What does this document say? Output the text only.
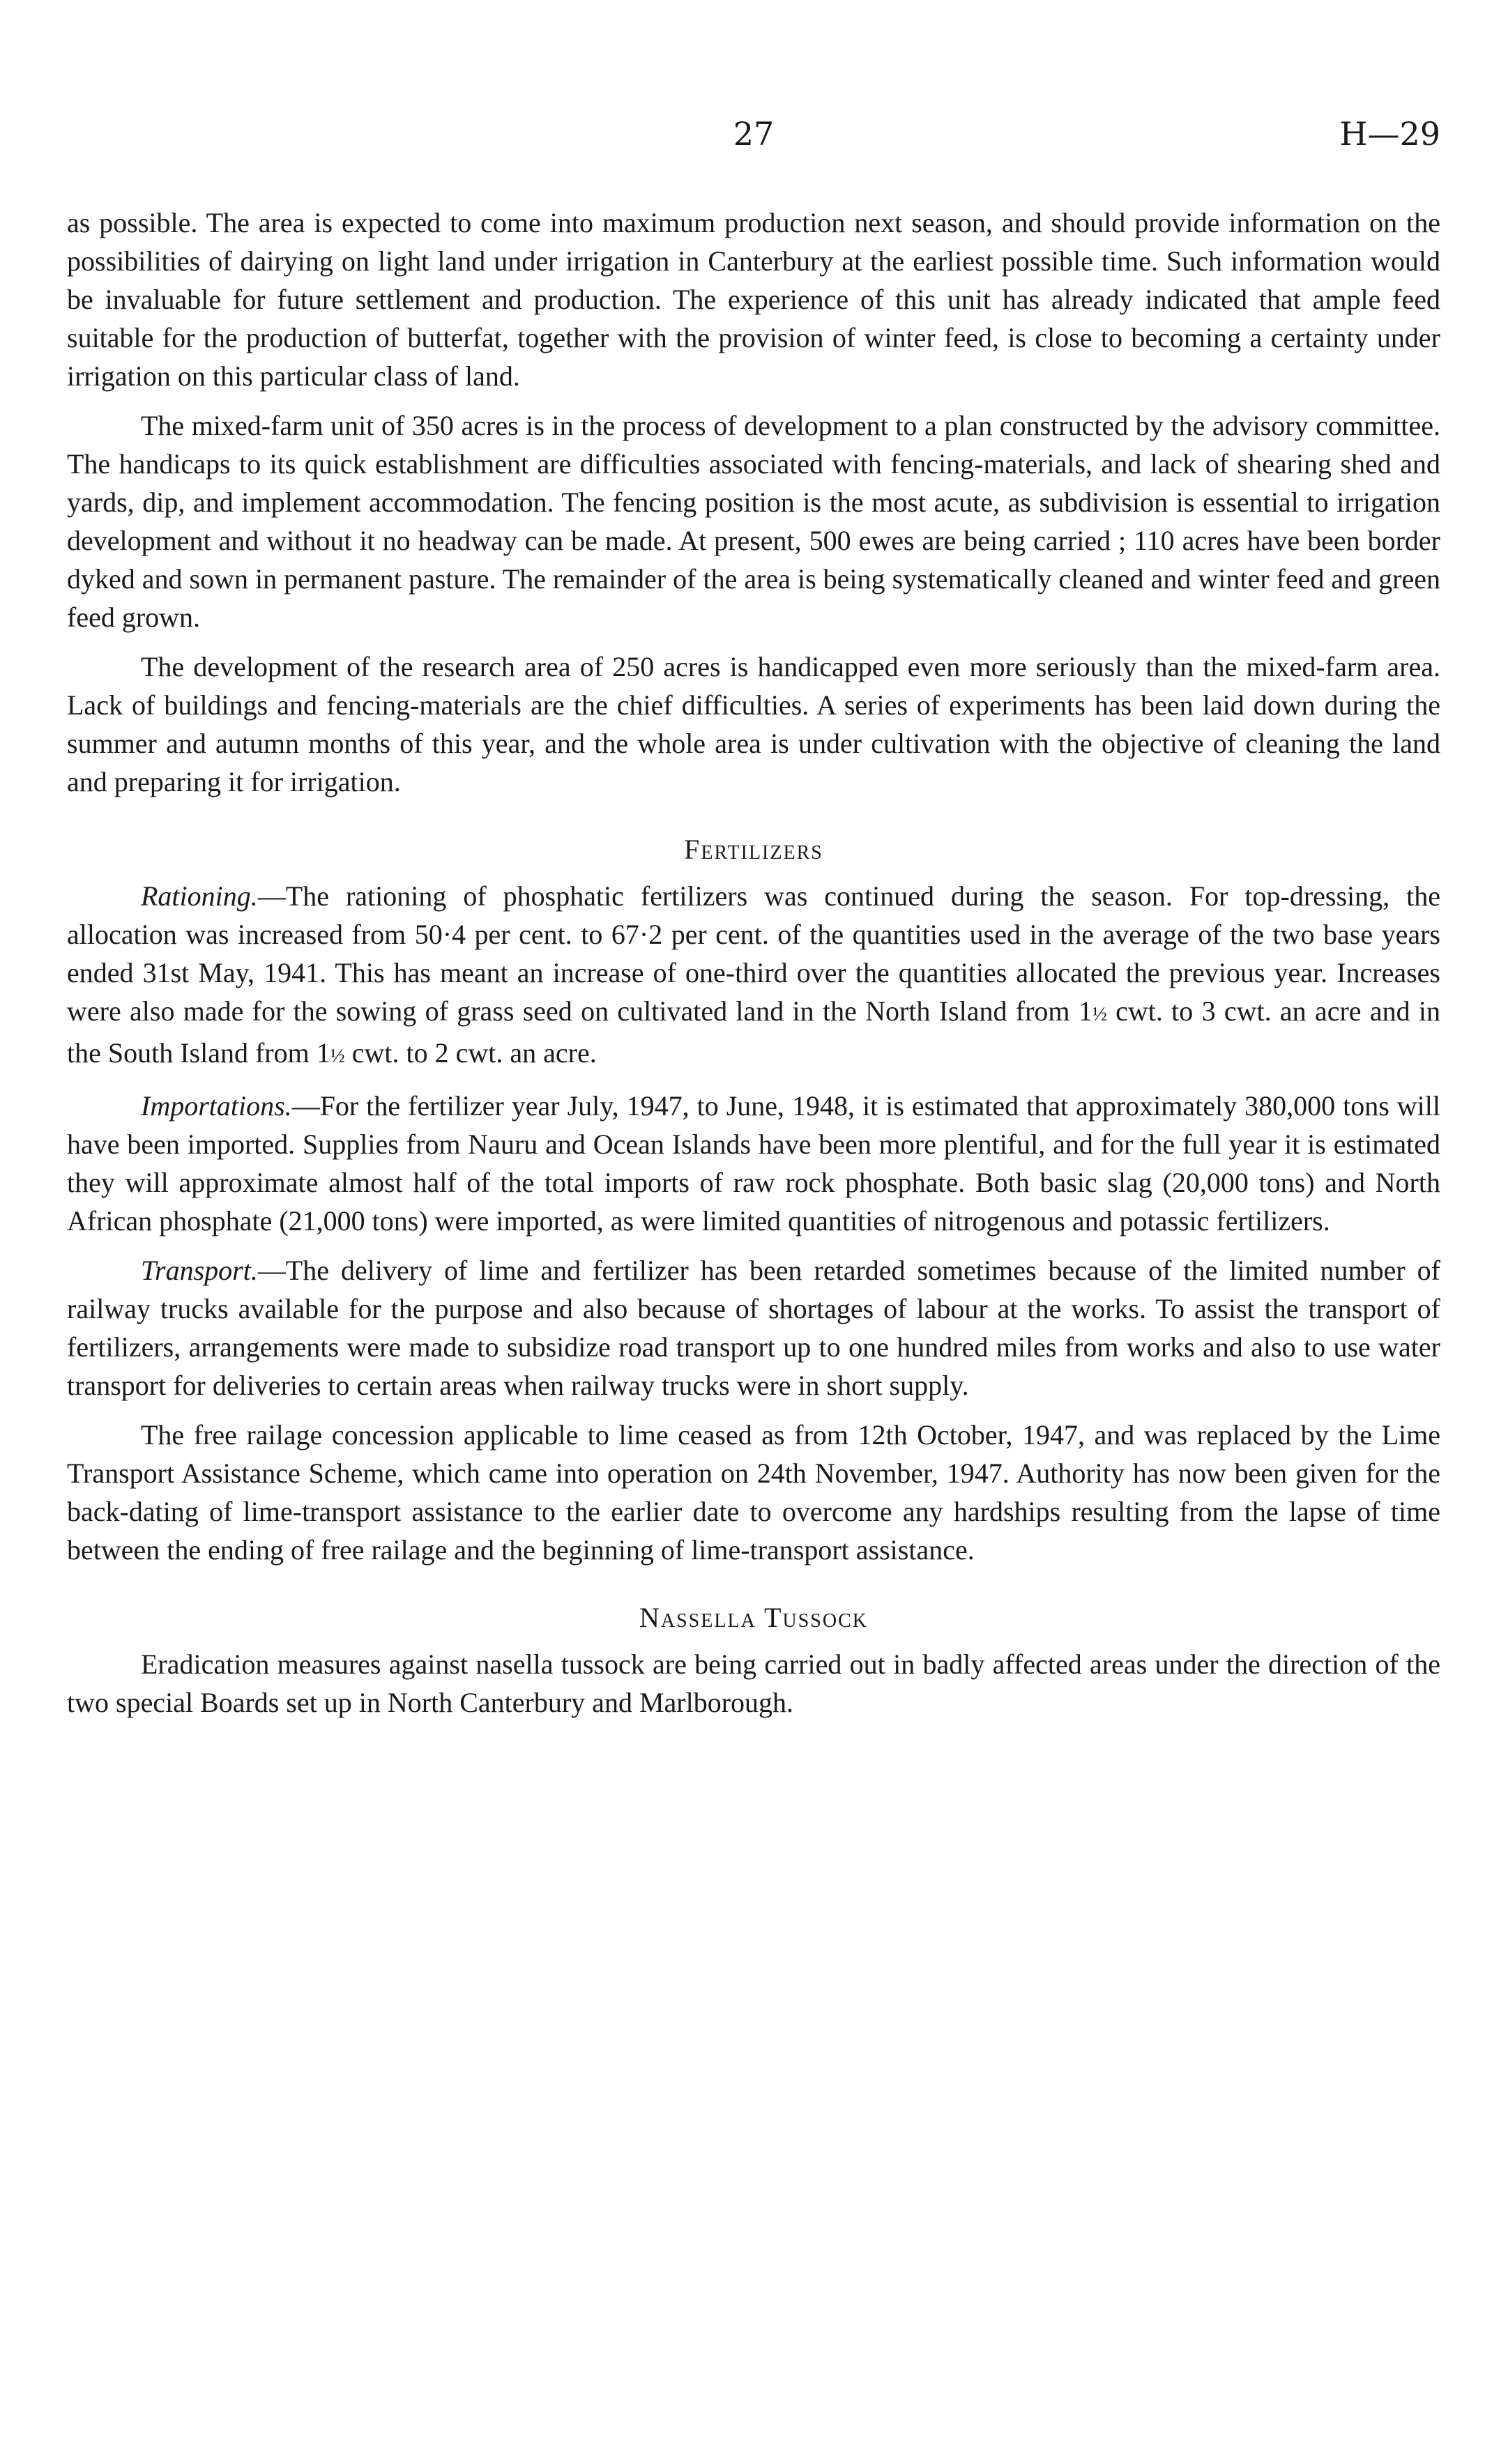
27	H—29

as possible. The area is expected to come into maximum production next season, and should provide information on the possibilities of dairying on light land under irrigation in Canterbury at the earliest possible time. Such information would be invaluable for future settlement and production. The experience of this unit has already indicated that ample feed suitable for the production of butterfat, together with the provision of winter feed, is close to becoming a certainty under irrigation on this particular class of land.

The mixed-farm unit of 350 acres is in the process of development to a plan constructed by the advisory committee. The handicaps to its quick establishment are difficulties associated with fencing-materials, and lack of shearing shed and yards, dip, and implement accommodation. The fencing position is the most acute, as subdivision is essential to irrigation development and without it no headway can be made. At present, 500 ewes are being carried ; 110 acres have been border dyked and sown in permanent pasture. The remainder of the area is being systematically cleaned and winter feed and green feed grown.

The development of the research area of 250 acres is handicapped even more seriously than the mixed-farm area. Lack of buildings and fencing-materials are the chief difficulties. A series of experiments has been laid down during the summer and autumn months of this year, and the whole area is under cultivation with the objective of cleaning the land and preparing it for irrigation.

Fertilizers

Rationing.—The rationing of phosphatic fertilizers was continued during the season. For top-dressing, the allocation was increased from 50·4 per cent. to 67·2 per cent. of the quantities used in the average of the two base years ended 31st May, 1941. This has meant an increase of one-third over the quantities allocated the previous year. Increases were also made for the sowing of grass seed on cultivated land in the North Island from 1½ cwt. to 3 cwt. an acre and in the South Island from 1½ cwt. to 2 cwt. an acre.

Importations.—For the fertilizer year July, 1947, to June, 1948, it is estimated that approximately 380,000 tons will have been imported. Supplies from Nauru and Ocean Islands have been more plentiful, and for the full year it is estimated they will approximate almost half of the total imports of raw rock phosphate. Both basic slag (20,000 tons) and North African phosphate (21,000 tons) were imported, as were limited quantities of nitrogenous and potassic fertilizers.

Transport.—The delivery of lime and fertilizer has been retarded sometimes because of the limited number of railway trucks available for the purpose and also because of shortages of labour at the works. To assist the transport of fertilizers, arrangements were made to subsidize road transport up to one hundred miles from works and also to use water transport for deliveries to certain areas when railway trucks were in short supply.

The free railage concession applicable to lime ceased as from 12th October, 1947, and was replaced by the Lime Transport Assistance Scheme, which came into operation on 24th November, 1947. Authority has now been given for the back-dating of lime-transport assistance to the earlier date to overcome any hardships resulting from the lapse of time between the ending of free railage and the beginning of lime-transport assistance.

Nassella Tussock

Eradication measures against nasella tussock are being carried out in badly affected areas under the direction of the two special Boards set up in North Canterbury and Marlborough.
